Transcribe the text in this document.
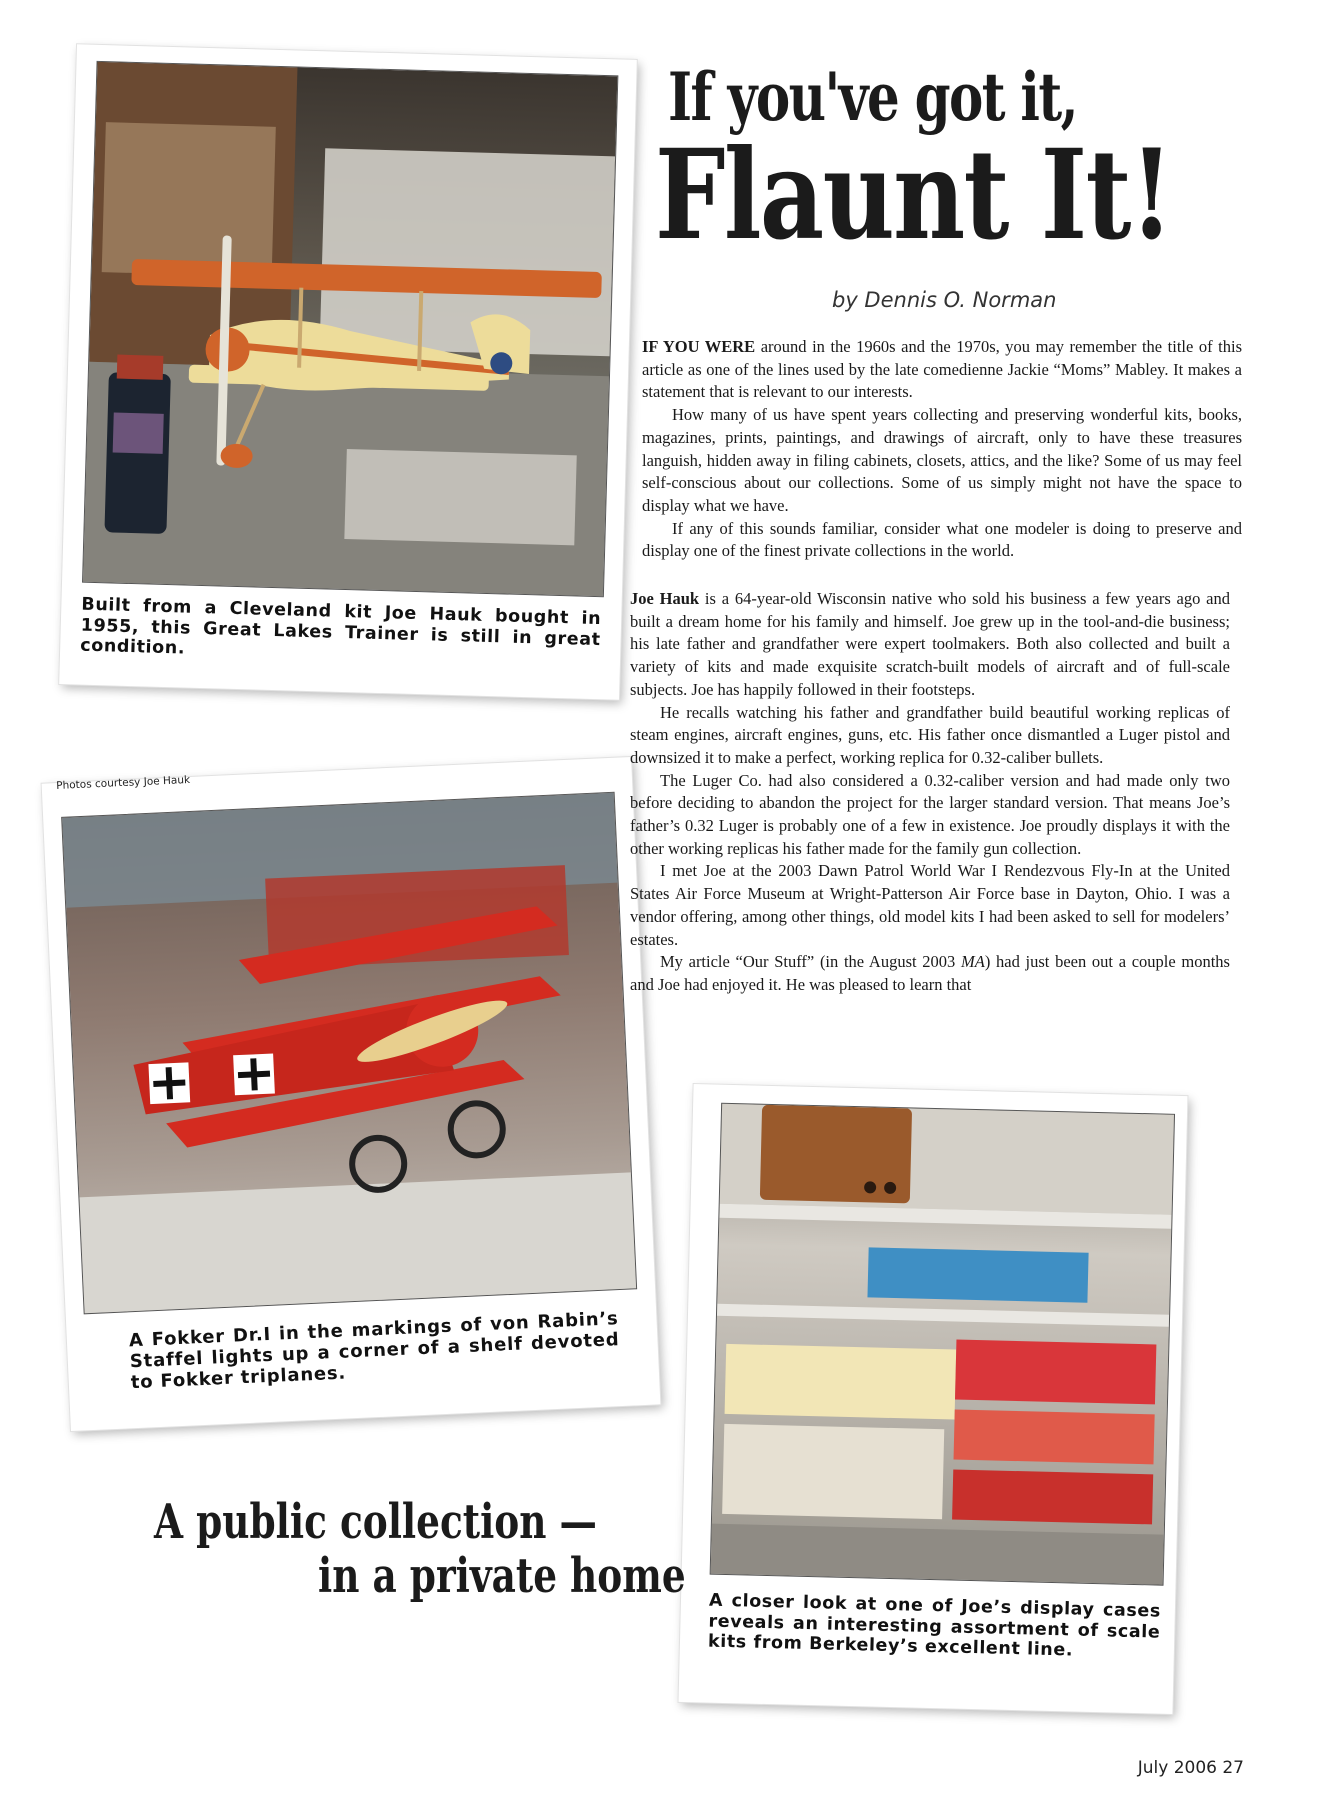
If you've got it,
Flaunt It!
by Dennis O. Norman
Built from a Cleveland kit Joe Hauk bought in 1955, this Great Lakes Trainer is still in great condition.
A Fokker Dr.I in the markings of von Rabin’s Staffel lights up a corner of a shelf devoted to Fokker triplanes.
Photos courtesy Joe Hauk
A closer look at one of Joe’s display cases reveals an interesting assortment of scale kits from Berkeley’s excellent line.

IF YOU WERE around in the 1960s and the 1970s, you may remember the title of this article as one of the lines used by the late comedienne Jackie “Moms” Mabley. It makes a statement that is relevant to our interests.

How many of us have spent years collecting and preserving wonderful kits, books, magazines, prints, paintings, and drawings of aircraft, only to have these treasures languish, hidden away in filing cabinets, closets, attics, and the like? Some of us may feel self-conscious about our collections. Some of us simply might not have the space to display what we have.

If any of this sounds familiar, consider what one modeler is doing to preserve and display one of the finest private collections in the world.

Joe Hauk is a 64-year-old Wisconsin native who sold his business a few years ago and built a dream home for his family and himself. Joe grew up in the tool-and-die business; his late father and grandfather were expert toolmakers. Both also collected and built a variety of kits and made exquisite scratch-built models of aircraft and of full-scale subjects. Joe has happily followed in their footsteps.

He recalls watching his father and grandfather build beautiful working replicas of steam engines, aircraft engines, guns, etc. His father once dismantled a Luger pistol and downsized it to make a perfect, working replica for 0.32-caliber bullets.

The Luger Co. had also considered a 0.32-caliber version and had made only two before deciding to abandon the project for the larger standard version. That means Joe’s father’s 0.32 Luger is probably one of a few in existence. Joe proudly displays it with the other working replicas his father made for the family gun collection.

I met Joe at the 2003 Dawn Patrol World War I Rendezvous Fly-In at the United States Air Force Museum at Wright-Patterson Air Force base in Dayton, Ohio. I was a vendor offering, among other things, old model kits I had been asked to sell for modelers’ estates.

My article “Our Stuff” (in the August 2003 MA) had just been out a couple months and Joe had enjoyed it. He was pleased to learn that

A public collection —
in a private home
July 2006 27
